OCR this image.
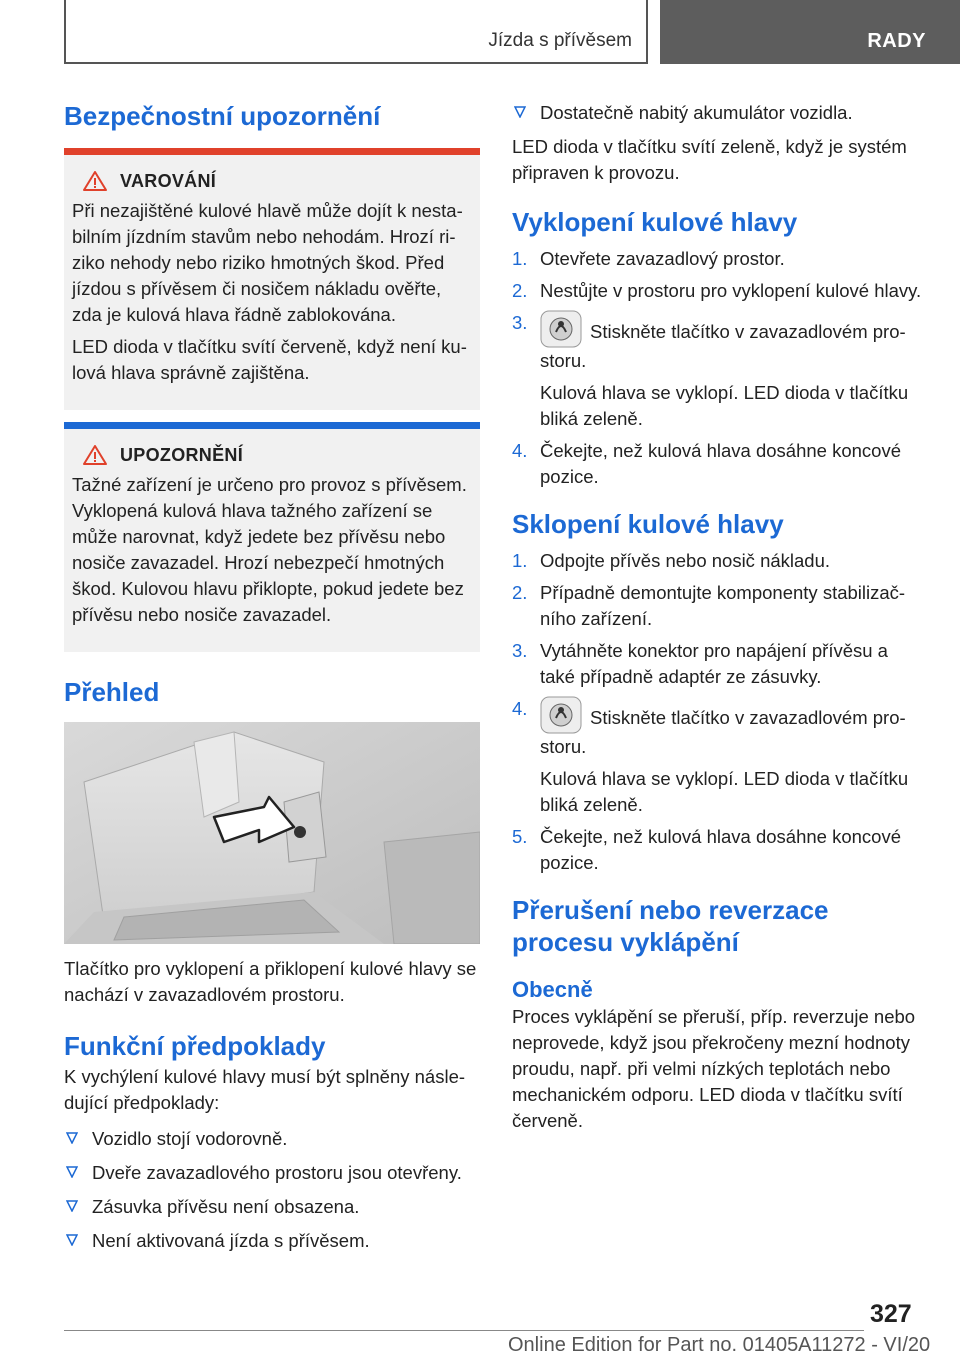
Jízda s přívěsem	RADY
Bezpečnostní upozornění
VAROVÁNÍ

Při nezajištěné kulové hlavě může dojít k nestabilním jízdním stavům nebo nehodám. Hrozí riziko nehody nebo riziko hmotných škod. Před jízdou s přívěsem či nosičem nákladu ověřte, zda je kulová hlava řádně zablokována.

LED dioda v tlačítku svítí červeně, když není kulová hlava správně zajištěna.

UPOZORNĚNÍ

Tažné zařízení je určeno pro provoz s přívěsem. Vyklopená kulová hlava tažného zařízení se může narovnat, když jedete bez přívěsu nebo nosiče zavazadel. Hrozí nebezpečí hmotných škod. Kulovou hlavu přiklopte, pokud jedete bez přívěsu nebo nosiče zavazadel.

Přehled

Tlačítko pro vyklopení a přiklopení kulové hlavy se nachází v zavazadlovém prostoru.

Funkční předpoklady

K vychýlení kulové hlavy musí být splněny následující předpoklady:

Vozidlo stojí vodorovně.
Dveře zavazadlového prostoru jsou otevřeny.
Zásuvka přívěsu není obsazena.
Není aktivovaná jízda s přívěsem.
Dostatečně nabitý akumulátor vozidla.

LED dioda v tlačítku svítí zeleně, když je systém připraven k provozu.

Vyklopení kulové hlavy
1. Otevřete zavazadlový prostor.

2. Nestůjte v prostoru pro vyklopení kulové hlavy.

3.	Stiskněte tlačítko v zavazadlovém prostoru.

Kulová hlava se vyklopí. LED dioda v tlačítku bliká zeleně.

4. Čekejte, než kulová hlava dosáhne koncové pozice.

Sklopení kulové hlavy
1. Odpojte přívěs nebo nosič nákladu.

2. Případně demontujte komponenty stabilizačního zařízení.

3. Vytáhněte konektor pro napájení přívěsu a také případně adaptér ze zásuvky.

4.	Stiskněte tlačítko v zavazadlovém prostoru.

Kulová hlava se vyklopí. LED dioda v tlačítku bliká zeleně.

5. Čekejte, než kulová hlava dosáhne koncové pozice.

Přerušení nebo reverzace procesu vyklápění
Obecně

Proces vyklápění se přeruší, příp. reverzuje nebo neprovede, když jsou překročeny mezní hodnoty proudu, např. při velmi nízkých teplotách nebo mechanickém odporu. LED dioda v tlačítku svítí červeně.

327
Online Edition for Part no. 01405A11272 - VI/20
